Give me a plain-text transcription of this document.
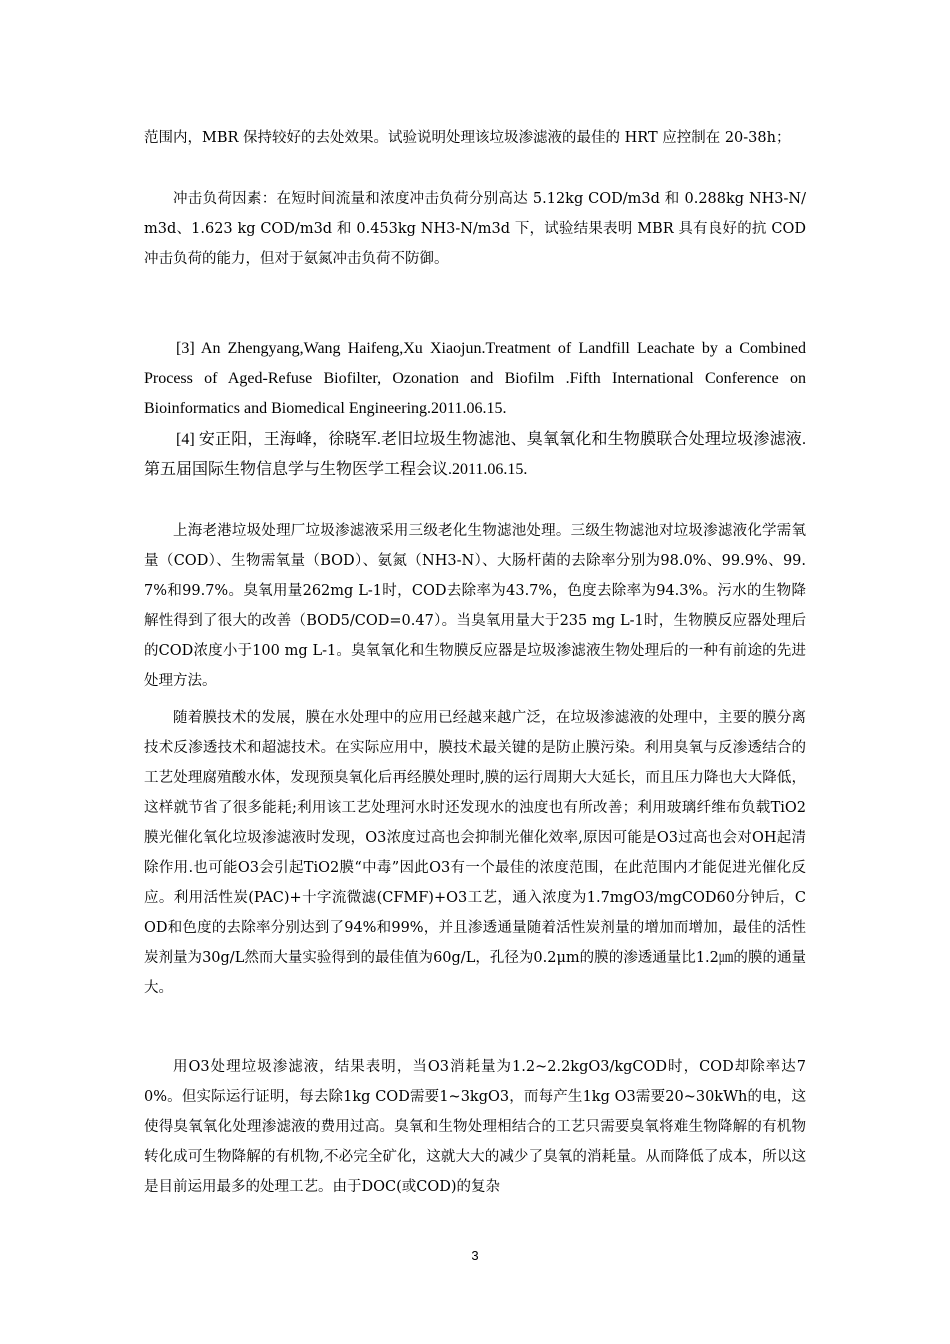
范围内，MBR 保持较好的去处效果。试验说明处理该垃圾渗滤液的最佳的 HRT 应控制在 20-38h；

冲击负荷因素：在短时间流量和浓度冲击负荷分别高达 5.12kg COD/m3d 和 0.288kg NH3-N/m3d、1.623 kg COD/m3d 和 0.453kg NH3-N/m3d 下，试验结果表明 MBR 具有良好的抗 COD 冲击负荷的能力，但对于氨氮冲击负荷不防御。

[3] An Zhengyang,Wang Haifeng,Xu Xiaojun.Treatment of Landfill Leachate by a Combined Process of Aged-Refuse Biofilter, Ozonation and Biofilm .Fifth International Conference on Bioinformatics and Biomedical Engineering.2011.06.15.

[4] 安正阳，王海峰，徐晓军.老旧垃圾生物滤池、臭氧氧化和生物膜联合处理垃圾渗滤液.第五届国际生物信息学与生物医学工程会议.2011.06.15.

上海老港垃圾处理厂垃圾渗滤液采用三级老化生物滤池处理。三级生物滤池对垃圾渗滤液化学需氧量（COD）、生物需氧量（BOD）、氨氮（NH3-N）、大肠杆菌的去除率分别为98.0%、99.9%、99.7%和99.7%。臭氧用量262mg L-1时，COD去除率为43.7%，色度去除率为94.3%。污水的生物降解性得到了很大的改善（BOD5/COD=0.47）。当臭氧用量大于235 mg L-1时，生物膜反应器处理后的COD浓度小于100 mg L-1。臭氧氧化和生物膜反应器是垃圾渗滤液生物处理后的一种有前途的先进处理方法。

随着膜技术的发展，膜在水处理中的应用已经越来越广泛，在垃圾渗滤液的处理中，主要的膜分离技术反渗透技术和超滤技术。在实际应用中，膜技术最关键的是防止膜污染。利用臭氧与反渗透结合的工艺处理腐殖酸水体，发现预臭氧化后再经膜处理时,膜的运行周期大大延长，而且压力降也大大降低，这样就节省了很多能耗;利用该工艺处理河水时还发现水的浊度也有所改善；利用玻璃纤维布负载TiO2膜光催化氧化垃圾渗滤液时发现，O3浓度过高也会抑制光催化效率,原因可能是O3过高也会对OH起清除作用.也可能O3会引起TiO2膜“中毒”因此O3有一个最佳的浓度范围，在此范围内才能促进光催化反应。利用活性炭(PAC)+十字流微滤(CFMF)+O3工艺，通入浓度为1.7mgO3/mgCOD60分钟后，COD和色度的去除率分别达到了94%和99%，并且渗透通量随着活性炭剂量的增加而增加，最佳的活性炭剂量为30g/L然而大量实验得到的最佳值为60g/L，孔径为0.2μm的膜的渗透通量比1.2㎛的膜的通量大。

用O3处理垃圾渗滤液，结果表明，当O3消耗量为1.2~2.2kgO3/kgCOD时，COD却除率达70%。但实际运行证明，每去除1kg COD需要1~3kgO3，而每产生1kg O3需要20~30kWh的电，这使得臭氧氧化处理渗滤液的费用过高。臭氧和生物处理相结合的工艺只需要臭氧将难生物降解的有机物转化成可生物降解的有机物,不必完全矿化，这就大大的减少了臭氧的消耗量。从而降低了成本，所以这是目前运用最多的处理工艺。由于DOC(或COD)的复杂

3
